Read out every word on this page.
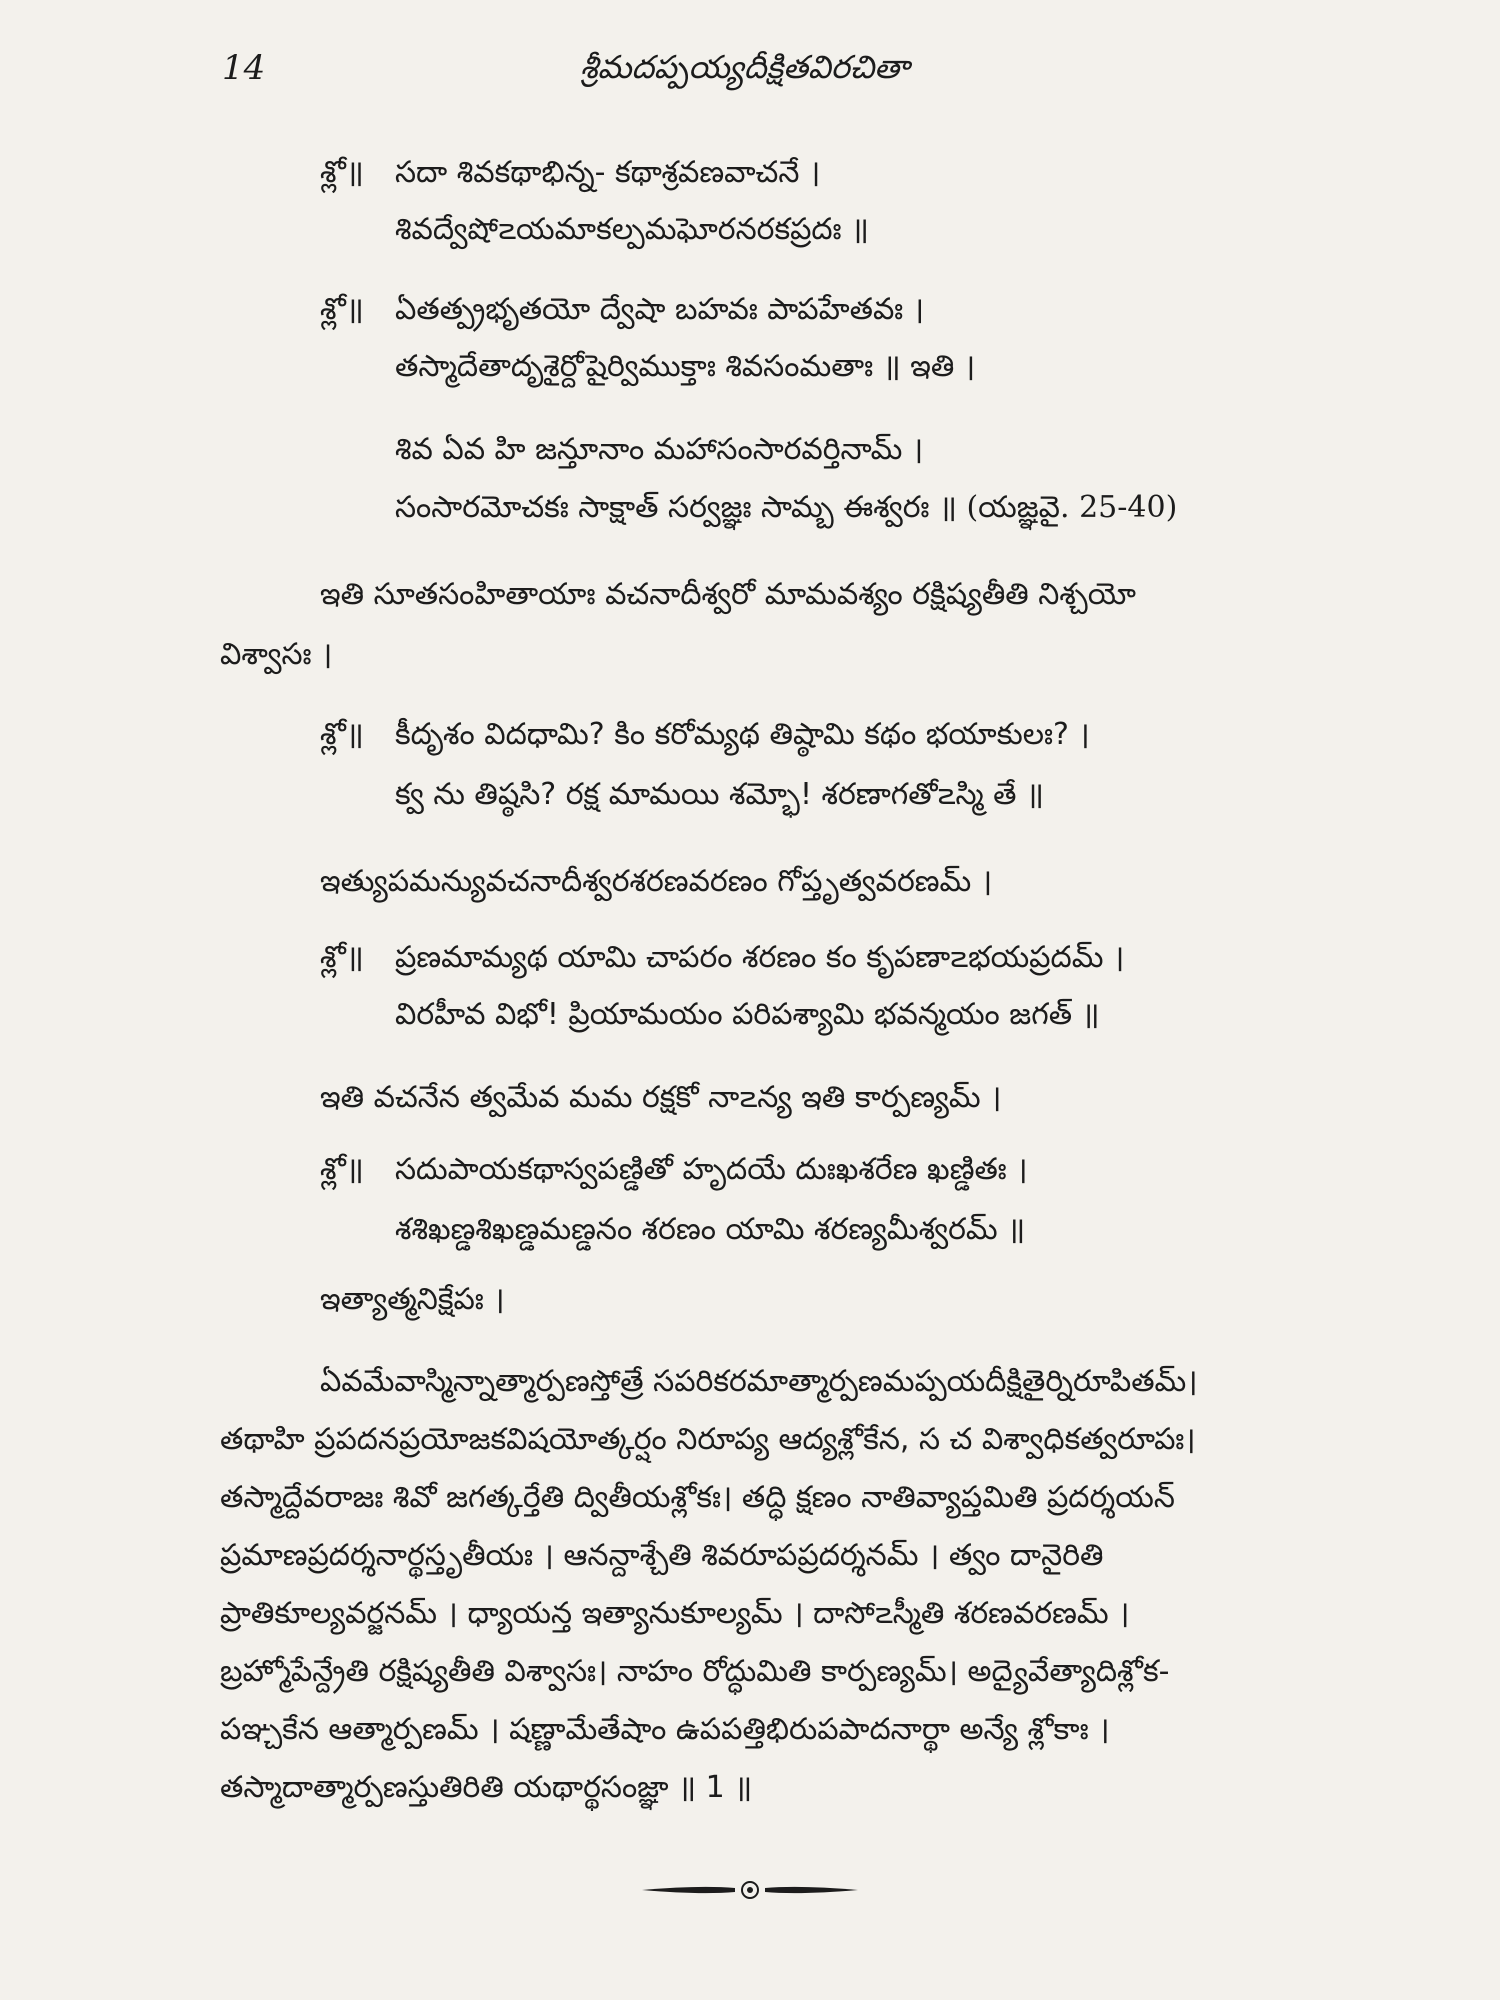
14	శ్రీమదప్పయ్యదీక్షితవిరచితా
శ్లో॥ సదా శివకథాభిన్న- కథాశ్రవణవాచనే ।
శివద్వేషో౽యమాకల్పమఘోరనరకప్రదః ॥
శ్లో॥ ఏతత్ప్రభృతయో ద్వేషా బహవః పాపహేతవః ।
తస్మాదేతాదృశైర్దోషైర్విముక్తాః శివసంమతాః ॥ ఇతి ।
శివ ఏవ హి జన్తూనాం మహాసంసారవర్తినామ్ ।
సంసారమోచకః సాక్షాత్ సర్వజ్ఞః సామ్బ ఈశ్వరః ॥ (యజ్ఞవై. 25-40)
ఇతి సూతసంహితాయాః వచనాదీశ్వరో మామవశ్యం రక్షిష్యతీతి నిశ్చయో
విశ్వాసః ।
శ్లో॥ కీదృశం విదధామి? కిం కరోమ్యథ తిష్ఠామి కథం భయాకులః? ।
క్వ ను తిష్ఠసి? రక్ష మామయి శమ్భో! శరణాగతో౽స్మి తే ॥
ఇత్యుపమన్యువచనాదీశ్వరశరణవరణం గోప్తృత్వవరణమ్ ।
శ్లో॥ ప్రణమామ్యథ యామి చాపరం శరణం కం కృపణా౽భయప్రదమ్ ।
విరహీవ విభో! ప్రియామయం పరిపశ్యామి భవన్మయం జగత్ ॥
ఇతి వచనేన త్వమేవ మమ రక్షకో నా౽న్య ఇతి కార్పణ్యమ్ ।
శ్లో॥ సదుపాయకథాస్వపణ్డితో హృదయే దుఃఖశరేణ ఖణ్డితః ।
శశిఖణ్డశిఖణ్డమణ్డనం శరణం యామి శరణ్యమీశ్వరమ్ ॥
ఇత్యాత్మనిక్షేపః ।
ఏవమేవాస్మిన్నాత్మార్పణస్తోత్రే సపరికరమాత్మార్పణమప్పయదీక్షితైర్నిరూపితమ్।
తథాహి ప్రపదనప్రయోజకవిషయోత్కర్షం నిరూప్య ఆద్యశ్లోకేన, స చ విశ్వాధికత్వరూపః।
తస్మాద్దేవరాజః శివో జగత్కర్తేతి ద్వితీయశ్లోకః। తద్ధి క్షణం నాతివ్యాప్తమితి ప్రదర్శయన్
ప్రమాణప్రదర్శనార్థస్తృతీయః । ఆనన్దాశ్చేతి శివరూపప్రదర్శనమ్ । త్వం దానైరితి
ప్రాతికూల్యవర్జనమ్ । ధ్యాయన్త ఇత్యానుకూల్యమ్ । దాసో౽స్మీతి శరణవరణమ్ ।
బ్రహ్మోపేన్ద్రేతి రక్షిష్యతీతి విశ్వాసః। నాహం రోద్ధుమితి కార్పణ్యమ్। అద్యైవేత్యాదిశ్లోక-
పఞ్చకేన ఆత్మార్పణమ్ । షణ్ణామేతేషాం ఉపపత్తిభిరుపపాదనార్థా అన్యే శ్లోకాః ।
తస్మాదాత్మార్పణస్తుతిరితి యథార్థసంజ్ఞా ॥ 1 ॥
